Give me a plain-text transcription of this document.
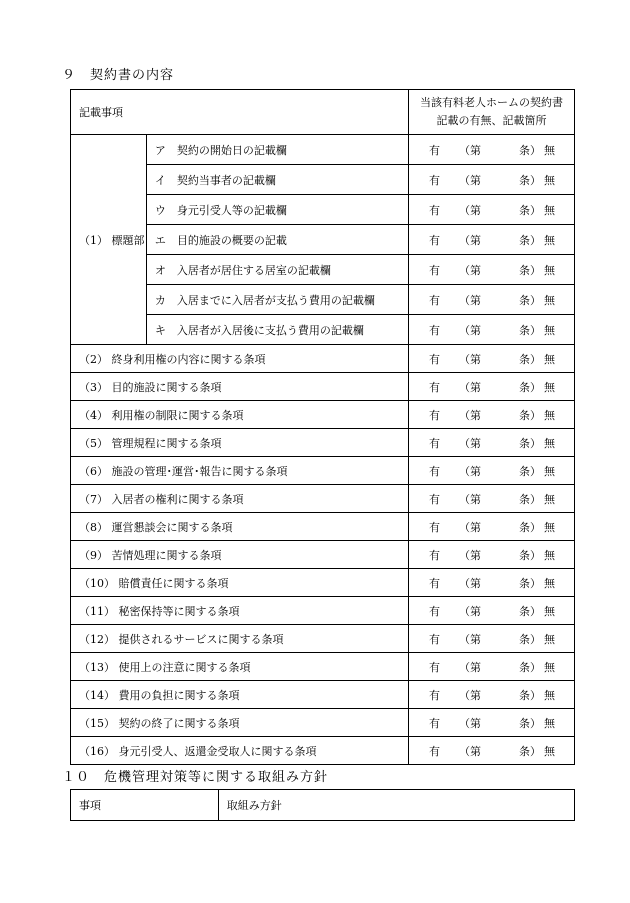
９　契約書の内容
記載事項		当該有料老人ホームの契約書
記載の有無、記載箇所

（1） 標題部	ア　契約の開始日の記載欄	有 （第 条） 無

	イ　契約当事者の記載欄	有 （第 条） 無

	ウ　身元引受人等の記載欄	有 （第 条） 無

	エ　目的施設の概要の記載	有 （第 条） 無

	オ　入居者が居住する居室の記載欄	有 （第 条） 無

	カ　入居までに入居者が支払う費用の記載欄	有 （第 条） 無

	キ　入居者が入居後に支払う費用の記載欄	有 （第 条） 無

（2） 終身利用権の内容に関する条項		有 （第 条） 無

（3） 目的施設に関する条項		有 （第 条） 無

（4） 利用権の制限に関する条項		有 （第 条） 無

（5） 管理規程に関する条項		有 （第 条） 無

（6） 施設の管理･運営･報告に関する条項		有 （第 条） 無

（7） 入居者の権利に関する条項		有 （第 条） 無

（8） 運営懇談会に関する条項		有 （第 条） 無

（9） 苦情処理に関する条項		有 （第 条） 無

（10） 賠償責任に関する条項		有 （第 条） 無

（11） 秘密保持等に関する条項		有 （第 条） 無

（12） 提供されるサービスに関する条項		有 （第 条） 無

（13） 使用上の注意に関する条項		有 （第 条） 無

（14） 費用の負担に関する条項		有 （第 条） 無

（15） 契約の終了に関する条項		有 （第 条） 無

（16） 身元引受人、返還金受取人に関する条項		有 （第 条） 無
１０　危機管理対策等に関する取組み方針
事項	取組み方針
